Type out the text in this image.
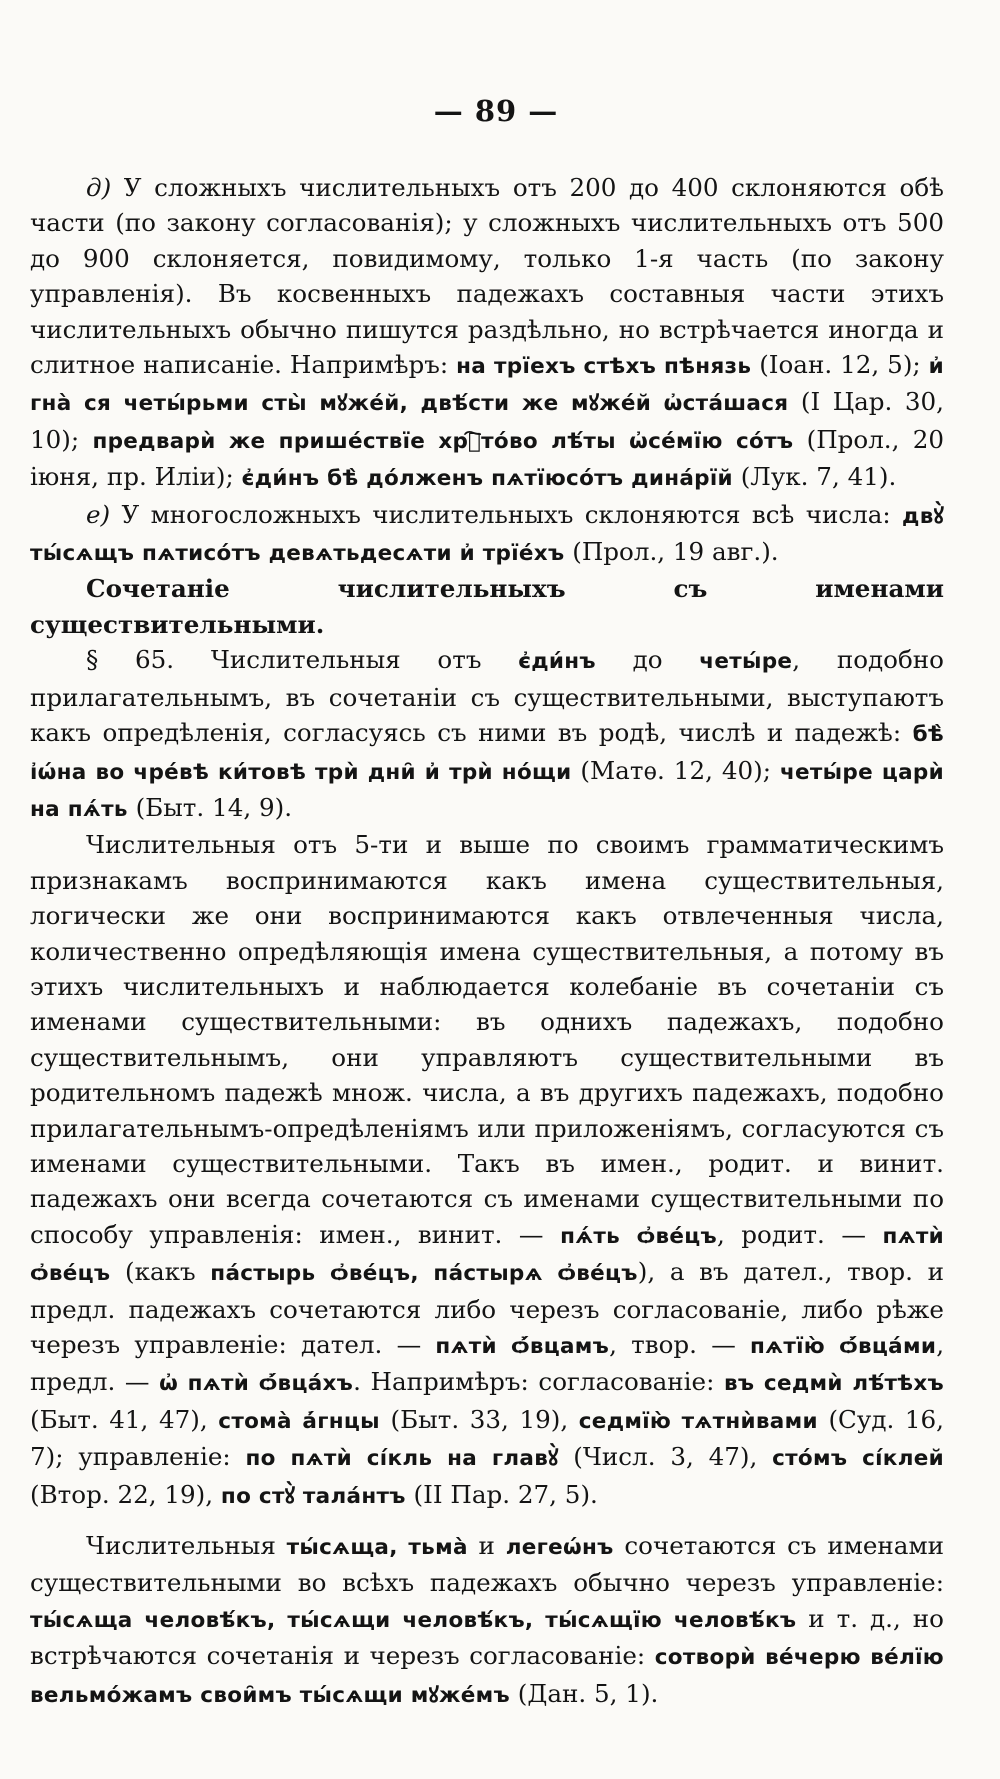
— 89 —

д) У сложныхъ числительныхъ отъ 200 до 400 склоняются обѣ части (по закону согласованія); у сложныхъ числительныхъ отъ 500 до 900 склоняется, повидимому, только 1-я часть (по закону управленія). Въ косвенныхъ падежахъ составныя части этихъ числительныхъ обычно пишутся раздѣльно, но встрѣчается иногда и слитное написаніе. Напримѣръ: на трїехъ стѣхъ пѣнязь (Іоан. 12, 5); и҆ гна̀ ся четы́рьми сты̀ мꙋже́й, двѣ́сти же мꙋже́й ѡ҆ста́шася (І Цар. 30, 10); предварѝ же прише́ствїе хрⷭ҇то́во лѣ́ты ѡ҆се́мїю со́тъ (Прол., 20 іюня, пр. Иліи); є҆ди́нъ бѣ̀ до́лженъ пѧтїюсо́тъ дина́рїй (Лук. 7, 41).

е) У многосложныхъ числительныхъ склоняются всѣ числа: двꙋ̀ ты́сѧщъ пѧтисо́тъ девѧтьдесѧти и҆ трїе́хъ (Прол., 19 авг.).

Сочетаніе числительныхъ съ именами существительными.

§ 65. Числительныя отъ є҆ди́нъ до четы́ре, подобно прилагательнымъ, въ сочетаніи съ существительными, выступаютъ какъ опредѣленія, согласуясь съ ними въ родѣ, числѣ и падежѣ: бѣ̀ і҆ѡ́на во чре́вѣ ки́товѣ трѝ дни̑ и҆ трѝ но́щи (Матѳ. 12, 40); четы́ре царѝ на пѧ́ть (Быт. 14, 9).

Числительныя отъ 5-ти и выше по своимъ грамматическимъ признакамъ воспринимаются какъ имена существительныя, логически же они воспринимаются какъ отвлеченныя числа, количественно опредѣляющія имена существительныя, а потому въ этихъ числительныхъ и наблюдается колебаніе въ сочетаніи съ именами существительными: въ однихъ падежахъ, подобно существительнымъ, они управляютъ существительными въ родительномъ падежѣ множ. числа, а въ другихъ падежахъ, подобно прилагательнымъ-опредѣленіямъ или приложеніямъ, согласуются съ именами существительными. Такъ въ имен., родит. и винит. падежахъ они всегда сочетаются съ именами существительными по способу управленія: имен., винит. — пѧ́ть ѻ҆ве́цъ, родит. — пѧтѝ ѻ҆ве́цъ (какъ па́стырь ѻ҆ве́цъ, па́стырѧ ѻ҆ве́цъ), а въ дател., твор. и предл. падежахъ сочетаются либо черезъ согласованіе, либо рѣже черезъ управленіе: дател. — пѧтѝ ѻ҆́вцамъ, твор. — пѧтїю̀ ѻ҆́вца́ми, предл. — ѡ҆ пѧтѝ ѻ҆́вца́хъ. Напримѣръ: согласованіе: въ седмѝ лѣ́тѣхъ (Быт. 41, 47), стома̀ а҆́гнцы (Быт. 33, 19), седмїю̀ тѧтнѝвами (Суд. 16, 7); управленіе: по пѧтѝ сі́кль на главꙋ̀ (Числ. 3, 47), сто́мъ сі́клей (Втор. 22, 19), по стꙋ̀ тала́нтъ (ІІ Пар. 27, 5).

Числительныя ты́сѧща, тьма̀ и легеѡ́нъ сочетаются съ именами существительными во всѣхъ падежахъ обычно черезъ управленіе: ты́сѧща человѣ́къ, ты́сѧщи человѣ́къ, ты́сѧщїю человѣ́къ и т. д., но встрѣчаются сочетанія и черезъ согласованіе: сотворѝ ве́черю ве́лїю вельмо́жамъ свои̑мъ ты́сѧщи мꙋже́мъ (Дан. 5, 1).
